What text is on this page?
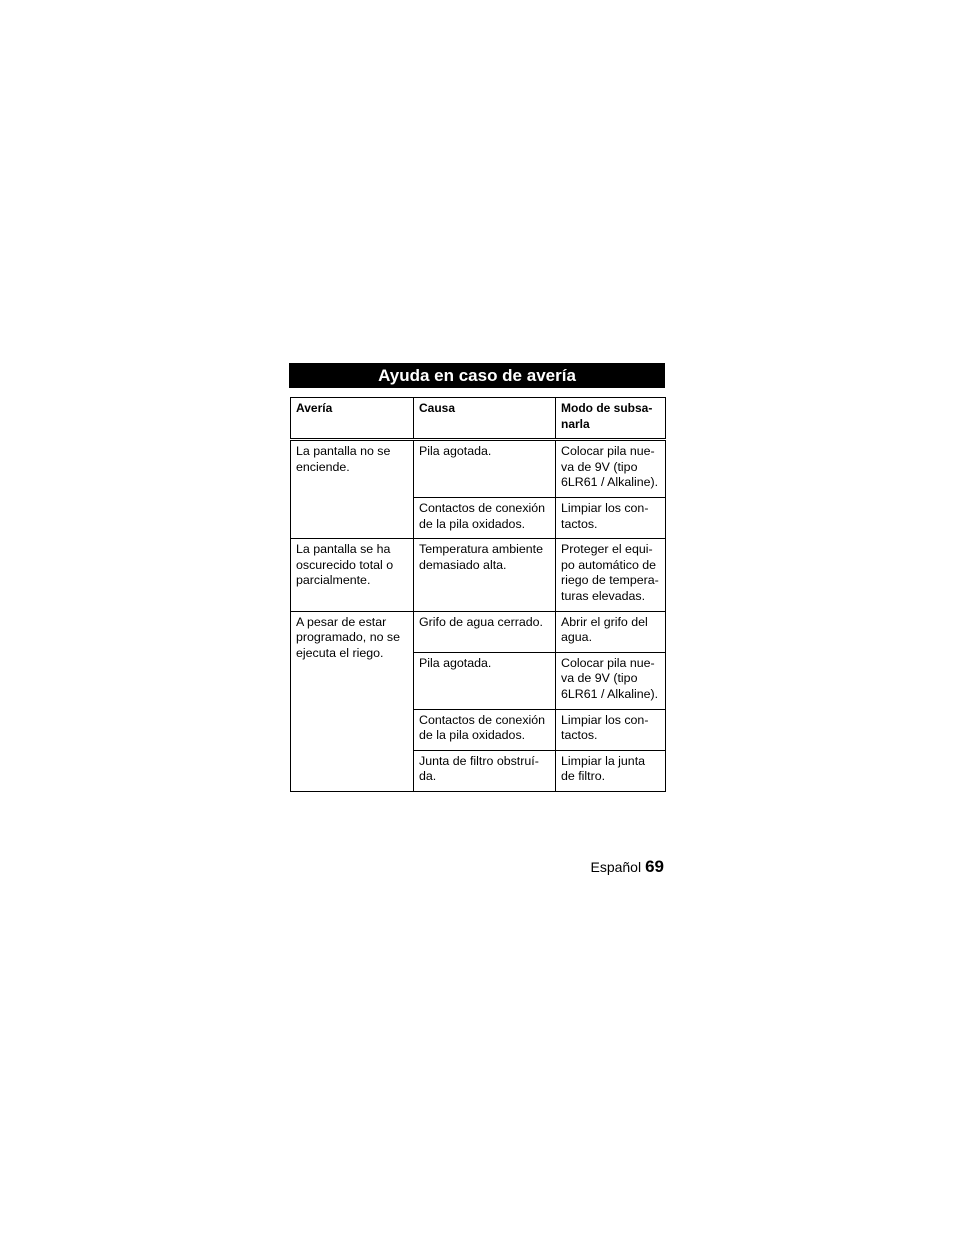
Ayuda en caso de avería
Avería	Causa	Modo de subsa-
narla
La pantalla no se
enciende.	Pila agotada.	Colocar pila nue-
va de 9V (tipo
6LR61 / Alkaline).
	Contactos de conexión
de la pila oxidados.	Limpiar los con-
tactos.
La pantalla se ha
oscurecido total o
parcialmente.	Temperatura ambiente
demasiado alta.	Proteger el equi-
po automático de
riego de tempera-
turas elevadas.
A pesar de estar
programado, no se
ejecuta el riego.	Grifo de agua cerrado.	Abrir el grifo del
agua.
	Pila agotada.	Colocar pila nue-
va de 9V (tipo
6LR61 / Alkaline).
	Contactos de conexión
de la pila oxidados.	Limpiar los con-
tactos.
	Junta de filtro obstruí-
da.	Limpiar la junta
de filtro.
Español 69
